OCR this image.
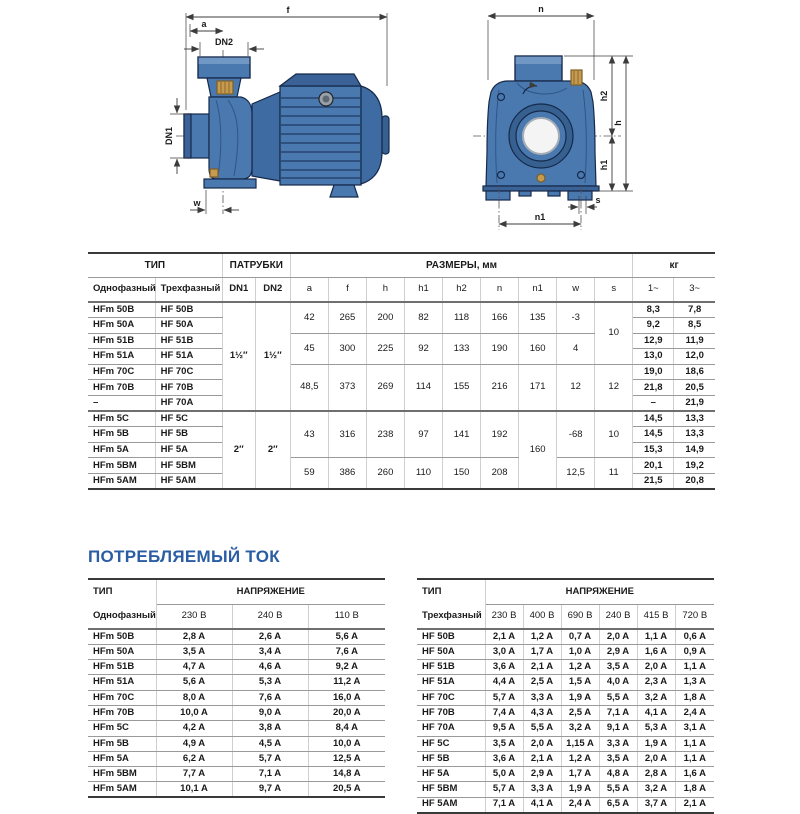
f
a
DN2
DN1
w
n
h2
h
h1
n1
s
ТИП		ПАТРУБКИ		РАЗМЕРЫ, мм									кг	
Однофазный	Трехфазный	DN1	DN2	a	f	h	h1	h2	n	n1	w	s	1~	3~
HFm 50B	HF 50B	1½″	1½″	42	265	200	82	118	166	135	-3	10	8,3	7,8
HFm 50A	HF 50A												9,2	8,5
HFm 51B	HF 51B			45	300	225	92	133	190	160	4		12,9	11,9
HFm 51A	HF 51A												13,0	12,0
HFm 70C	HF 70C			48,5	373	269	114	155	216	171	12	12	19,0	18,6
HFm 70B	HF 70B												21,8	20,5
–	HF 70A												–	21,9
HFm 5C	HF 5C	2″	2″	43	316	238	97	141	192	160	-68	10	14,5	13,3
HFm 5B	HF 5B												14,5	13,3
HFm 5A	HF 5A												15,3	14,9
HFm 5BM	HF 5BM			59	386	260	110	150	208		12,5	11	20,1	19,2
HFm 5AM	HF 5AM												21,5	20,8
ПОТРЕБЛЯЕМЫЙ ТОК
ТИП	НАПРЯЖЕНИЕ		
Однофазный	230 В	240 В	110 В
HFm 50B	2,8 A	2,6 A	5,6 A
HFm 50A	3,5 A	3,4 A	7,6 A
HFm 51B	4,7 A	4,6 A	9,2 A
HFm 51A	5,6 A	5,3 A	11,2 A
HFm 70C	8,0 A	7,6 A	16,0 A
HFm 70B	10,0 A	9,0 A	20,0 A
HFm 5C	4,2 A	3,8 A	8,4 A
HFm 5B	4,9 A	4,5 A	10,0 A
HFm 5A	6,2 A	5,7 A	12,5 A
HFm 5BM	7,7 A	7,1 A	14,8 A
HFm 5AM	10,1 A	9,7 A	20,5 A
ТИП	НАПРЯЖЕНИЕ					
Трехфазный	230 В	400 В	690 В	240 В	415 В	720 В
HF 50B	2,1 A	1,2 A	0,7 A	2,0 A	1,1 A	0,6 A
HF 50A	3,0 A	1,7 A	1,0 A	2,9 A	1,6 A	0,9 A
HF 51B	3,6 A	2,1 A	1,2 A	3,5 A	2,0 A	1,1 A
HF 51A	4,4 A	2,5 A	1,5 A	4,0 A	2,3 A	1,3 A
HF 70C	5,7 A	3,3 A	1,9 A	5,5 A	3,2 A	1,8 A
HF 70B	7,4 A	4,3 A	2,5 A	7,1 A	4,1 A	2,4 A
HF 70A	9,5 A	5,5 A	3,2 A	9,1 A	5,3 A	3,1 A
HF 5C	3,5 A	2,0 A	1,15 A	3,3 A	1,9 A	1,1 A
HF 5B	3,6 A	2,1 A	1,2 A	3,5 A	2,0 A	1,1 A
HF 5A	5,0 A	2,9 A	1,7 A	4,8 A	2,8 A	1,6 A
HF 5BM	5,7 A	3,3 A	1,9 A	5,5 A	3,2 A	1,8 A
HF 5AM	7,1 A	4,1 A	2,4 A	6,5 A	3,7 A	2,1 A
